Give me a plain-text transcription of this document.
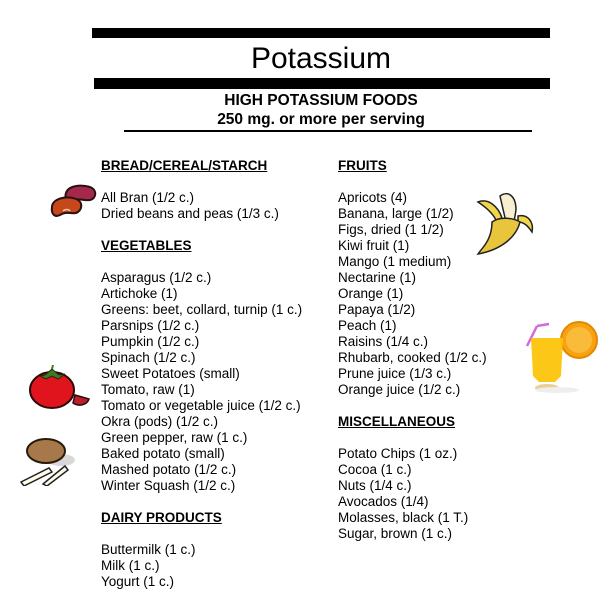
Potassium
HIGH POTASSIUM FOODS
250 mg. or more per serving
BREAD/CEREAL/STARCH
All Bran (1/2 c.)
Dried beans and peas (1/3 c.)
VEGETABLES
Asparagus (1/2 c.)
Artichoke (1)
Greens: beet, collard, turnip (1 c.)
Parsnips (1/2 c.)
Pumpkin (1/2 c.)
Spinach (1/2 c.)
Sweet Potatoes (small)
Tomato, raw (1)
Tomato or vegetable juice (1/2 c.)
Okra (pods) (1/2 c.)
Green pepper, raw (1 c.)
Baked potato (small)
Mashed potato (1/2 c.)
Winter Squash (1/2 c.)
DAIRY PRODUCTS
Buttermilk (1 c.)
Milk (1 c.)
Yogurt (1 c.)
FRUITS
Apricots (4)
Banana, large (1/2)
Figs, dried (1 1/2)
Kiwi fruit (1)
Mango (1 medium)
Nectarine (1)
Orange (1)
Papaya (1/2)
Peach (1)
Raisins (1/4 c.)
Rhubarb, cooked (1/2 c.)
Prune juice (1/3 c.)
Orange juice (1/2 c.)
MISCELLANEOUS
Potato Chips (1 oz.)
Cocoa (1 c.)
Nuts (1/4 c.)
Avocados (1/4)
Molasses, black (1 T.)
Sugar, brown (1 c.)
